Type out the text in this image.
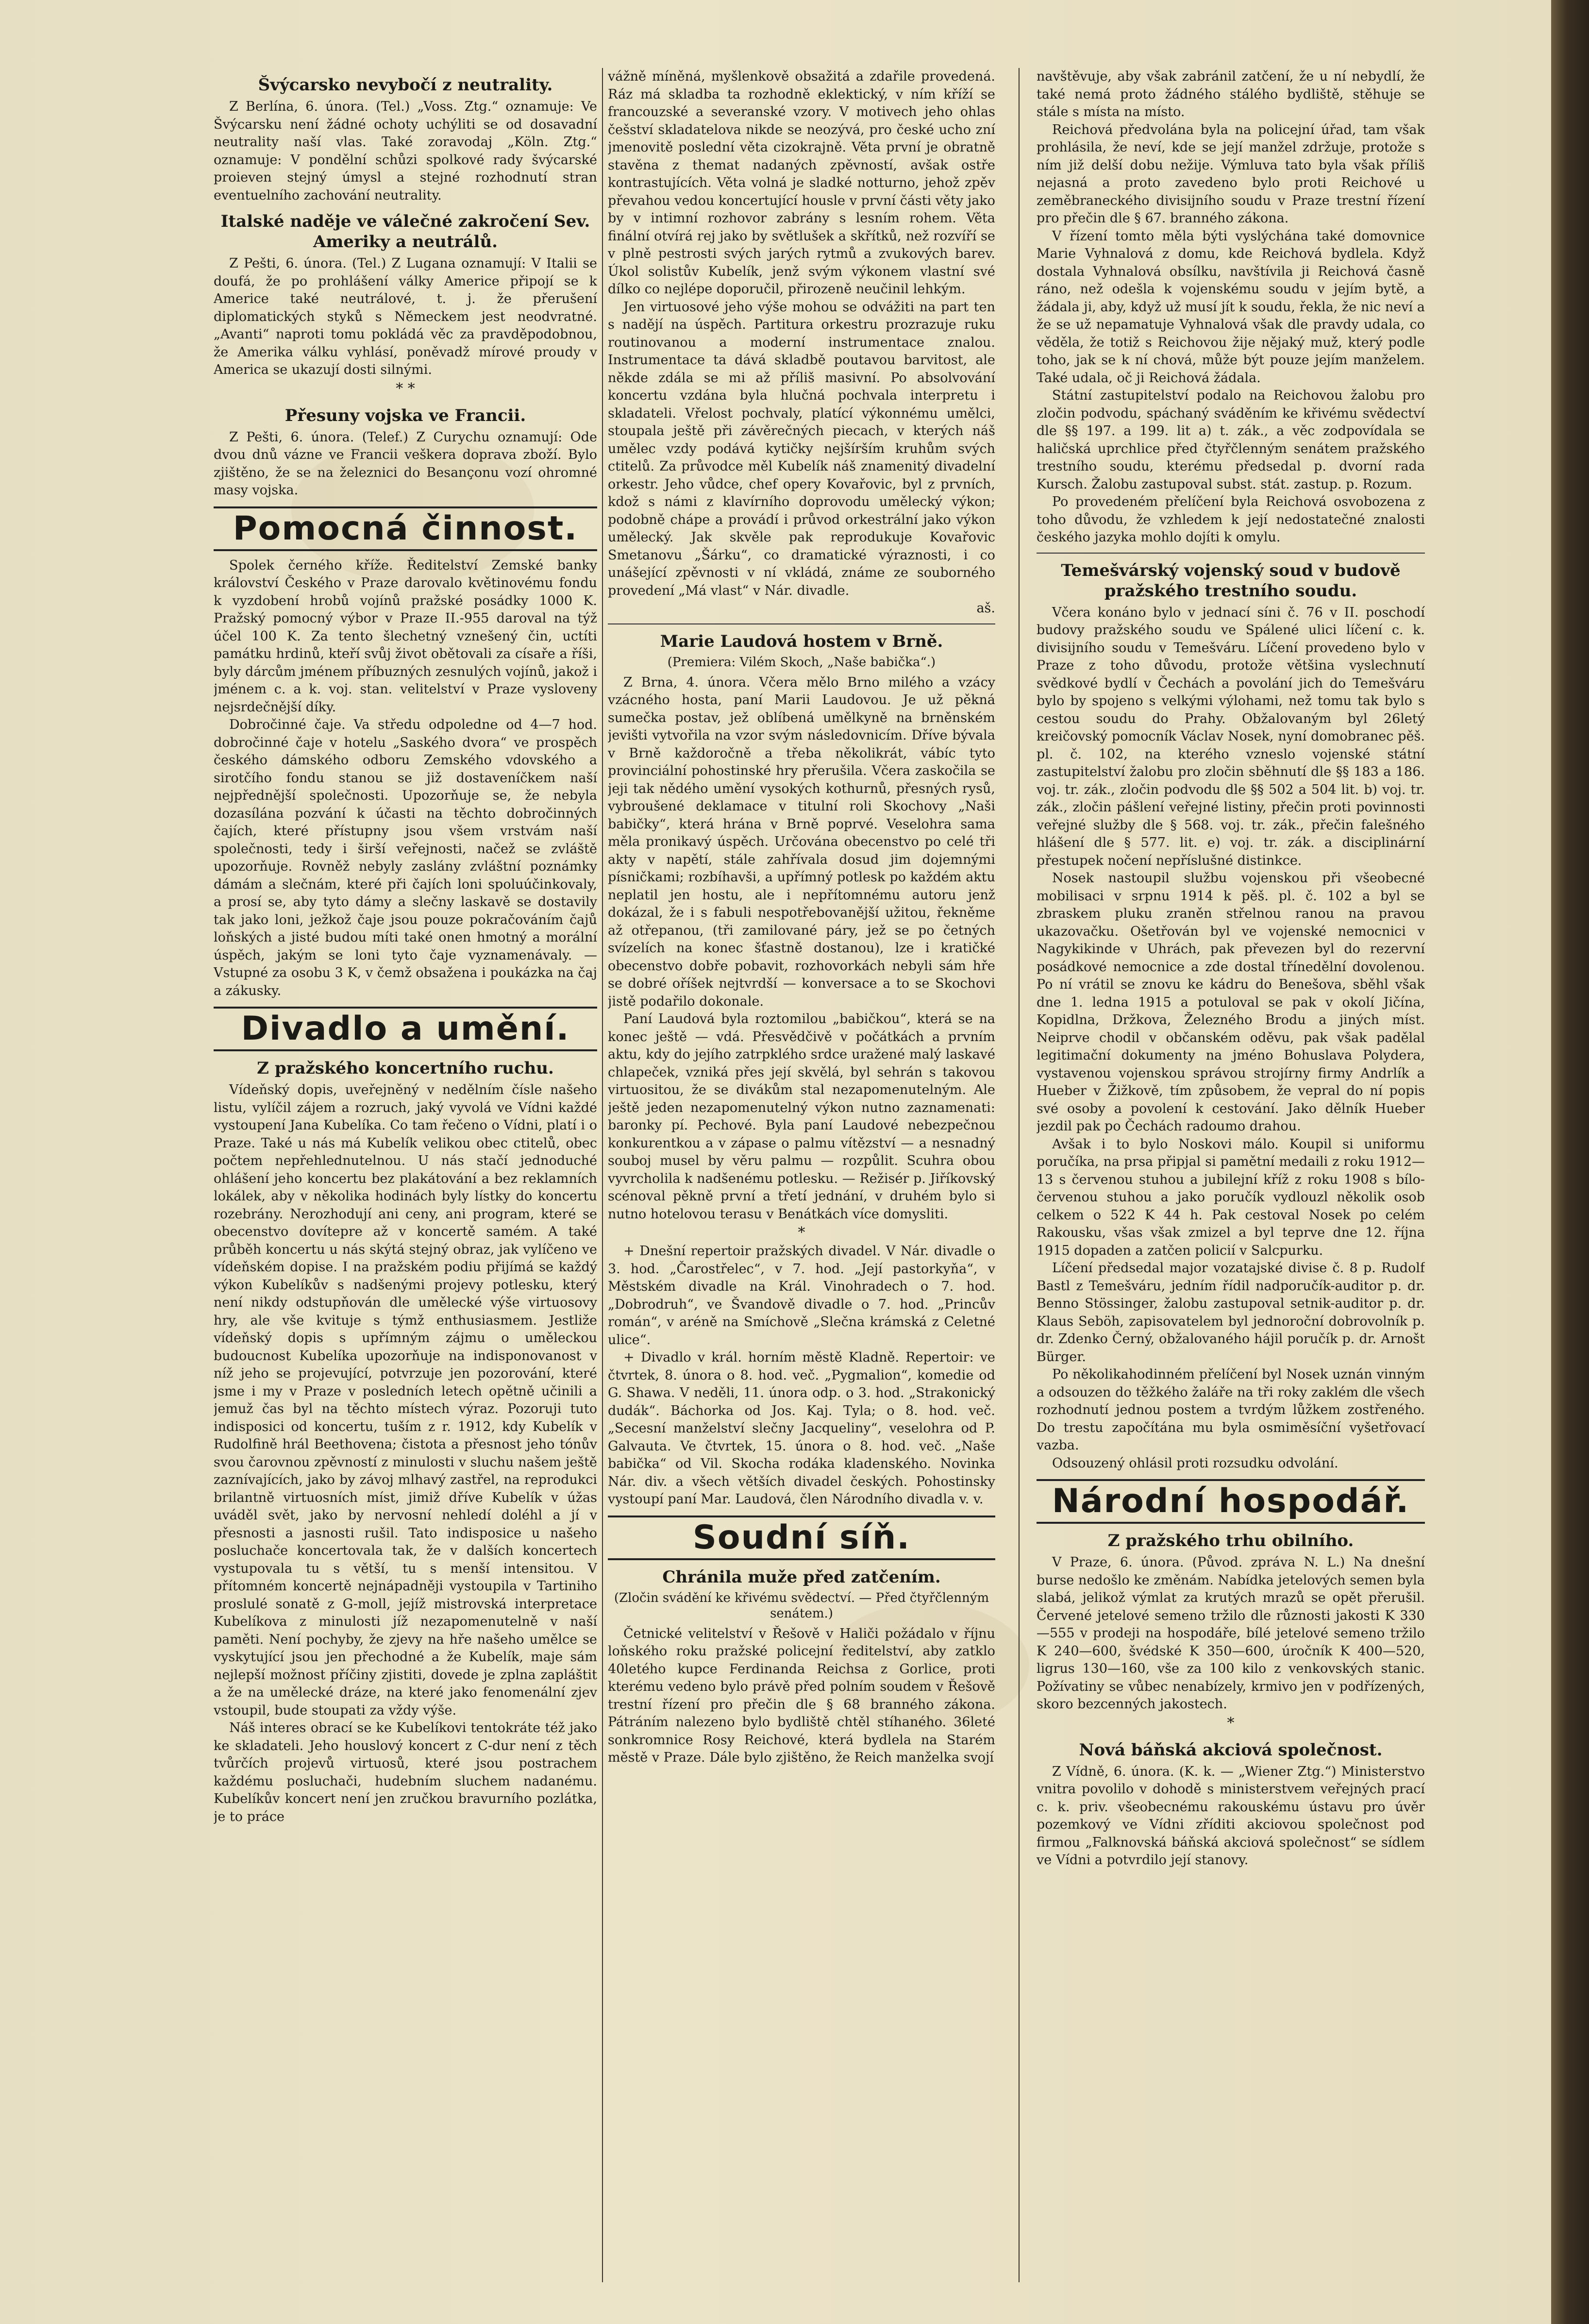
Švýcarsko nevybočí z neutrality.

Z Berlína, 6. února. (Tel.) „Voss. Ztg.“ oznamuje: Ve Švýcarsku není žádné ochoty uchýliti se od dosavadní neutrality naší vlas. Také zoravodaj „Köln. Ztg.“ oznamuje: V pondělní schůzi spolkové rady švýcarské proieven stejný úmysl a stejné rozhodnutí stran eventuelního zachování neutrality.

Italské naděje ve válečné zakročení Sev. Ameriky a neutrálů.

Z Pešti, 6. února. (Tel.) Z Lugana oznamují: V Italii se doufá, že po prohlášení války Americe připojí se k Americe také neutrálové, t. j. že přerušení diplomatických styků s Německem jest neodvratné. „Avanti“ naproti tomu pokládá věc za pravděpodobnou, že Amerika válku vyhlásí, poněvadž mírové proudy v America se ukazují dosti silnými.

* *
Přesuny vojska ve Francii.

Z Pešti, 6. února. (Telef.) Z Curychu oznamují: Ode dvou dnů vázne ve Francii veškera doprava zboží. Bylo zjištěno, že se na železnici do Besançonu vozí ohromné masy vojska.

Pomocná činnost.

Spolek černého kříže. Ředitelství Zemské banky království Českého v Praze darovalo květinovému fondu k vyzdobení hrobů vojínů pražské posádky 1000 K. Pražský pomocný výbor v Praze II.-955 daroval na týž účel 100 K. Za tento šlechetný vznešený čin, uctíti památku hrdinů, kteří svůj život obětovali za císaře a říši, byly dárcům jménem příbuzných zesnulých vojínů, jakož i jménem c. a k. voj. stan. velitelství v Praze vysloveny nejsrdečnější díky.

Dobročinné čaje. Va středu odpoledne od 4—7 hod. dobročinné čaje v hotelu „Saského dvora“ ve prospěch českého dámského odboru Zemského vdovského a sirotčího fondu stanou se již dostaveníčkem naší nejpřednější společnosti. Upozorňuje se, že nebyla dozasílána pozvání k účasti na těchto dobročinných čajích, které přístupny jsou všem vrstvám naší společnosti, tedy i širší veřejnosti, načež se zvláště upozorňuje. Rovněž nebyly zaslány zvláštní poznámky dámám a slečnám, které při čajích loni spoluúčinkovaly, a prosí se, aby tyto dámy a slečny laskavě se dostavily tak jako loni, ježkož čaje jsou pouze pokračováním čajů loňských a jisté budou míti také onen hmotný a morální úspěch, jakým se loni tyto čaje vyznamenávaly. — Vstupné za osobu 3 K, v čemž obsažena i poukázka na čaj a zákusky.

Divadlo a umění.
Z pražského koncertního ruchu.

Vídeňský dopis, uveřejněný v nedělním čísle našeho listu, vylíčil zájem a rozruch, jaký vyvolá ve Vídni každé vystoupení Jana Kubelíka. Co tam řečeno o Vídni, platí i o Praze. Také u nás má Kubelík velikou obec ctitelů, obec počtem nepřehlednutelnou. U nás stačí jednoduché ohlášení jeho koncertu bez plakátování a bez reklamních lokálek, aby v několika hodinách byly lístky do koncertu rozebrány. Nerozhodují ani ceny, ani program, které se obecenstvo dovítepre až v koncertě samém. A také průběh koncertu u nás skýtá stejný obraz, jak vylíčeno ve vídeňském dopise. I na pražském podiu přijímá se každý výkon Kubelíkův s nadšenými projevy potlesku, který není nikdy odstupňován dle umělecké výše virtuosovy hry, ale vše kvituje s týmž enthusiasmem. Jestliže vídeňský dopis s upřímným zájmu o uměleckou budoucnost Kubelíka upozorňuje na indisponovanost v níž jeho se projevující, potvrzuje jen pozorování, které jsme i my v Praze v posledních letech opětně učinili a jemuž čas byl na těchto místech výraz. Pozoruji tuto indisposici od koncertu, tuším z r. 1912, kdy Kubelík v Rudolfině hrál Beethovena; čistota a přesnost jeho tónův svou čarovnou zpěvností z minulosti v sluchu našem ještě zaznívajících, jako by závoj mlhavý zastřel, na reprodukci brilantně virtuosních míst, jimiž dříve Kubelík v úžas uváděl svět, jako by nervosní nehledí doléhl a jí v přesnosti a jasnosti rušil. Tato indisposice u našeho posluchače koncertovala tak, že v dalších koncertech vystupovala tu s větší, tu s menší intensitou. V přítomném koncertě nejnápadněji vystoupila v Tartiniho proslulé sonatě z G-moll, jejíž mistrovská interpretace Kubelíkova z minulosti jíž nezapomenutelně v naší paměti. Není pochyby, že zjevy na hře našeho umělce se vyskytující jsou jen přechodné a že Kubelík, maje sám nejlepší možnost příčiny zjistiti, dovede je zplna zapláštit a že na umělecké dráze, na které jako fenomenální zjev vstoupil, bude stoupati za vždy výše.

Náš interes obrací se ke Kubelíkovi tentokráte též jako ke skladateli. Jeho houslový koncert z C-dur není z těch tvůrčích projevů virtuosů, které jsou postrachem každému posluchači, hudebním sluchem nadanému. Kubelíkův koncert není jen zručkou bravurního pozlátka, je to práce

vážně míněná, myšlenkově obsažitá a zdařile provedená. Ráz má skladba ta rozhodně eklektický, v ním kříží se francouzské a severanské vzory. V motivech jeho ohlas češství skladatelova nikde se neozývá, pro české ucho zní jmenovitě poslední věta cizokrajně. Věta první je obratně stavěna z themat nadaných zpěvností, avšak ostře kontrastujících. Věta volná je sladké notturno, jehož zpěv převahou vedou koncertující housle v první části věty jako by v intimní rozhovor zabrány s lesním rohem. Věta finální otvírá rej jako by světlušek a skřítků, než rozvíří se v plně pestrosti svých jarých rytmů a zvukových barev. Úkol solistův Kubelík, jenž svým výkonem vlastní své dílko co nejlépe doporučil, přirozeně neučinil lehkým.

Jen virtuosové jeho výše mohou se odvážiti na part ten s nadějí na úspěch. Partitura orkestru prozrazuje ruku routinovanou a moderní instrumentace znalou. Instrumentace ta dává skladbě poutavou barvitost, ale někde zdála se mi až příliš masivní. Po absolvování koncertu vzdána byla hlučná pochvala interpretu i skladateli. Vřelost pochvaly, platící výkonnému umělci, stoupala ještě při závěrečných piecach, v kterých náš umělec vzdy podává kytičky nejšírším kruhům svých ctitelů. Za průvodce měl Kubelík náš znamenitý divadelní orkestr. Jeho vůdce, chef opery Kovařovic, byl z prvních, kdož s námi z klavírního doprovodu umělecký výkon; podobně chápe a provádí i průvod orkestrální jako výkon umělecký. Jak skvěle pak reprodukuje Kovařovic Smetanovu „Šárku“, co dramatické výraznosti, i co unášející zpěvnosti v ní vkládá, známe ze souborného provedení „Má vlast“ v Nár. divadle.

aš.
Marie Laudová hostem v Brně.
(Premiera: Vilém Skoch, „Naše babička“.)

Z Brna, 4. února. Včera mělo Brno milého a vzácy vzácného hosta, paní Marii Laudovou. Je už pěkná sumečka postav, jež oblíbená umělkyně na brněnském jevišti vytvořila na vzor svým následovnicím. Dříve bývala v Brně každoročně a třeba několikrát, vábíc tyto provinciální pohostinské hry přerušila. Včera zaskočila se jeji tak nědého umění vysokých kothurnů, přesných rysů, vybroušené deklamace v titulní roli Skochovy „Naši babičky“, která hrána v Brně poprvé. Veselohra sama měla pronikavý úspěch. Určována obecenstvo po celé tři akty v napětí, stále zahřívala dosud jim dojemnými písničkami; rozbíhavši, a upřímný potlesk po každém aktu neplatil jen hostu, ale i nepřítomnému autoru jenž dokázal, že i s fabuli nespotřebovanější užitou, řekněme až otřepanou, (tři zamilované páry, jež se po četných svízelích na konec šťastně dostanou), lze i kratičké obecenstvo dobře pobavit, rozhovorkách nebyli sám hře se dobré oříšek nejtvrdší — konversace a to se Skochovi jistě podařilo dokonale.

Paní Laudová byla roztomilou „babičkou“, která se na konec ještě — vdá. Přesvědčivě v počátkách a prvním aktu, kdy do jejího zatrpklého srdce uražené malý laskavé chlapeček, vzniká přes její skvělá, byl sehrán s takovou virtuositou, že se divákům stal nezapomenutelným. Ale ještě jeden nezapomenutelný výkon nutno zaznamenati: baronky pí. Pechové. Byla paní Laudové nebezpečnou konkurentkou a v zápase o palmu vítězství — a nesnadný souboj musel by věru palmu — rozpůlit. Scuhra obou vyvrcholila k nadšenému potlesku. — Režisér p. Jiříkovský scénoval pěkně první a třetí jednání, v druhém bylo si nutno hotelovou terasu v Benátkách více domysliti.

*

+ Dnešní repertoir pražských divadel. V Nár. divadle o 3. hod. „Čarostřelec“, v 7. hod. „Její pastorkyňa“, v Městském divadle na Král. Vinohradech o 7. hod. „Dobrodruh“, ve Švandově divadle o 7. hod. „Princův román“, v aréně na Smíchově „Slečna krámská z Celetné ulice“.

+ Divadlo v král. horním městě Kladně. Repertoir: ve čtvrtek, 8. února o 8. hod. več. „Pygmalion“, komedie od G. Shawa. V neděli, 11. února odp. o 3. hod. „Strakonický dudák“. Báchorka od Jos. Kaj. Tyla; o 8. hod. več. „Secesní manželství slečny Jacqueliny“, veselohra od P. Galvauta. Ve čtvrtek, 15. února o 8. hod. več. „Naše babička“ od Vil. Skocha rodáka kladenského. Novinka Nár. div. a všech větších divadel českých. Pohostinsky vystoupí paní Mar. Laudová, člen Národního divadla v. v.

Soudní síň.
Chránila muže před zatčením.
(Zločin svádění ke křivému svědectví. — Před čtyřčlenným senátem.)

Četnické velitelství v Řešově v Haliči požádalo v říjnu loňského roku pražské policejní ředitelství, aby zatklo 40letého kupce Ferdinanda Reichsa z Gorlice, proti kterému vedeno bylo právě před polním soudem v Řešově trestní řízení pro přečin dle § 68 branného zákona. Pátráním nalezeno bylo bydliště chtěl stíhaného. 36leté sonkromnice Rosy Reichové, která bydlela na Starém městě v Praze. Dále bylo zjištěno, že Reich manželka svojí

navštěvuje, aby však zabránil zatčení, že u ní nebydlí, že také nemá proto žádného stálého bydliště, stěhuje se stále s místa na místo.

Reichová předvolána byla na policejní úřad, tam však prohlásila, že neví, kde se její manžel zdržuje, protože s ním již delší dobu nežije. Výmluva tato byla však příliš nejasná a proto zavedeno bylo proti Reichové u zeměbraneckého divisijního soudu v Praze trestní řízení pro přečin dle § 67. branného zákona.

V řízení tomto měla býti vyslýchána také domovnice Marie Vyhnalová z domu, kde Reichová bydlela. Když dostala Vyhnalová obsílku, navštívila ji Reichová časně ráno, než odešla k vojenskému soudu v jejím bytě, a žádala ji, aby, když už musí jít k soudu, řekla, že nic neví a že se už nepamatuje Vyhnalová však dle pravdy udala, co věděla, že totiž s Reichovou žije nějaký muž, který podle toho, jak se k ní chová, může být pouze jejím manželem. Také udala, oč ji Reichová žádala.

Státní zastupitelství podalo na Reichovou žalobu pro zločin podvodu, spáchaný sváděním ke křivému svědectví dle §§ 197. a 199. lit a) t. zák., a věc zodpovídala se haličská uprchlice před čtyřčlenným senátem pražského trestního soudu, kterému předsedal p. dvorní rada Kursch. Žalobu zastupoval subst. stát. zastup. p. Rozum.

Po provedeném přelíčení byla Reichová osvobozena z toho důvodu, že vzhledem k její nedostatečné znalosti českého jazyka mohlo dojíti k omylu.

Temešvárský vojenský soud v budově pražského trestního soudu.

Včera konáno bylo v jednací síni č. 76 v II. poschodí budovy pražského soudu ve Spálené ulici líčení c. k. divisijního soudu v Temešváru. Líčení provedeno bylo v Praze z toho důvodu, protože většina vyslechnutí svědkové bydlí v Čechách a povolání jich do Temešváru bylo by spojeno s velkými výlohami, než tomu tak bylo s cestou soudu do Prahy. Obžalovaným byl 26letý kreičovský pomocník Václav Nosek, nyní domobranec pěš. pl. č. 102, na kterého vzneslo vojenské státní zastupitelství žalobu pro zločin sběhnutí dle §§ 183 a 186. voj. tr. zák., zločin podvodu dle §§ 502 a 504 lit. b) voj. tr. zák., zločin pášlení veřejné listiny, přečin proti povinnosti veřejné služby dle § 568. voj. tr. zák., přečin falešného hlášení dle § 577. lit. e) voj. tr. zák. a disciplinární přestupek nočení nepříslušné distinkce.

Nosek nastoupil službu vojenskou při všeobecné mobilisaci v srpnu 1914 k pěš. pl. č. 102 a byl se zbraskem pluku zraněn střelnou ranou na pravou ukazovačku. Ošetřován byl ve vojenské nemocnici v Nagykikinde v Uhrách, pak převezen byl do rezervní posádkové nemocnice a zde dostal třínedělní dovolenou. Po ní vrátil se znovu ke kádru do Benešova, sběhl však dne 1. ledna 1915 a potuloval se pak v okolí Jičína, Kopidlna, Držkova, Železného Brodu a jiných míst. Neiprve chodil v občanském oděvu, pak však padělal legitimační dokumenty na jméno Bohuslava Polydera, vystavenou vojenskou správou strojírny firmy Andrlík a Hueber v Žižkově, tím způsobem, že vepral do ní popis své osoby a povolení k cestování. Jako dělník Hueber jezdil pak po Čechách radoumo drahou.

Avšak i to bylo Noskovi málo. Koupil si uniformu poručíka, na prsa připjal si pamětní medaili z roku 1912—13 s červenou stuhou a jubilejní kříž z roku 1908 s bíločervenou stuhou a jako poručík vydlouzl několik osob celkem o 522 K 44 h. Pak cestoval Nosek po celém Rakousku, všas však zmizel a byl teprve dne 12. října 1915 dopaden a zatčen policií v Salcpurku.

Líčení předsedal major vozatajské divise č. 8 p. Rudolf Bastl z Temešváru, jedním řídil nadporučík-auditor p. dr. Benno Stössinger, žalobu zastupoval setnik-auditor p. dr. Klaus Seböh, zapisovatelem byl jednoroční dobrovolník p. dr. Zdenko Černý, obžalovaného hájil poručík p. dr. Arnošt Bürger.

Po několikahodinném přelíčení byl Nosek uznán vinným a odsouzen do těžkého žaláře na tři roky zaklém dle všech rozhodnutí jednou postem a tvrdým lůžkem zostřeného. Do trestu započítána mu byla osmiměsíční vyšetřovací vazba.

Odsouzený ohlásil proti rozsudku odvolání.

Národní hospodář.
Z pražského trhu obilního.

V Praze, 6. února. (Původ. zpráva N. L.) Na dnešní burse nedošlo ke změnám. Nabídka jetelových semen byla slabá, jelikož výmlat za krutých mrazů se opět přerušil. Červené jetelové semeno tržilo dle různosti jakosti K 330—555 v prodeji na hospodáře, bílé jetelové semeno tržilo K 240—600, švédské K 350—600, úročník K 400—520, ligrus 130—160, vše za 100 kilo z venkovských stanic. Požívatiny se vůbec nenabízely, krmivo jen v podřízených, skoro bezcenných jakostech.

*
Nová báňská akciová společnost.

Z Vídně, 6. února. (K. k. — „Wiener Ztg.“) Ministerstvo vnitra povolilo v dohodě s ministerstvem veřejných prací c. k. priv. všeobecnému rakouskému ústavu pro úvěr pozemkový ve Vídni zříditi akciovou společnost pod firmou „Falknovská báňská akciová společnost“ se sídlem ve Vídni a potvrdilo její stanovy.
